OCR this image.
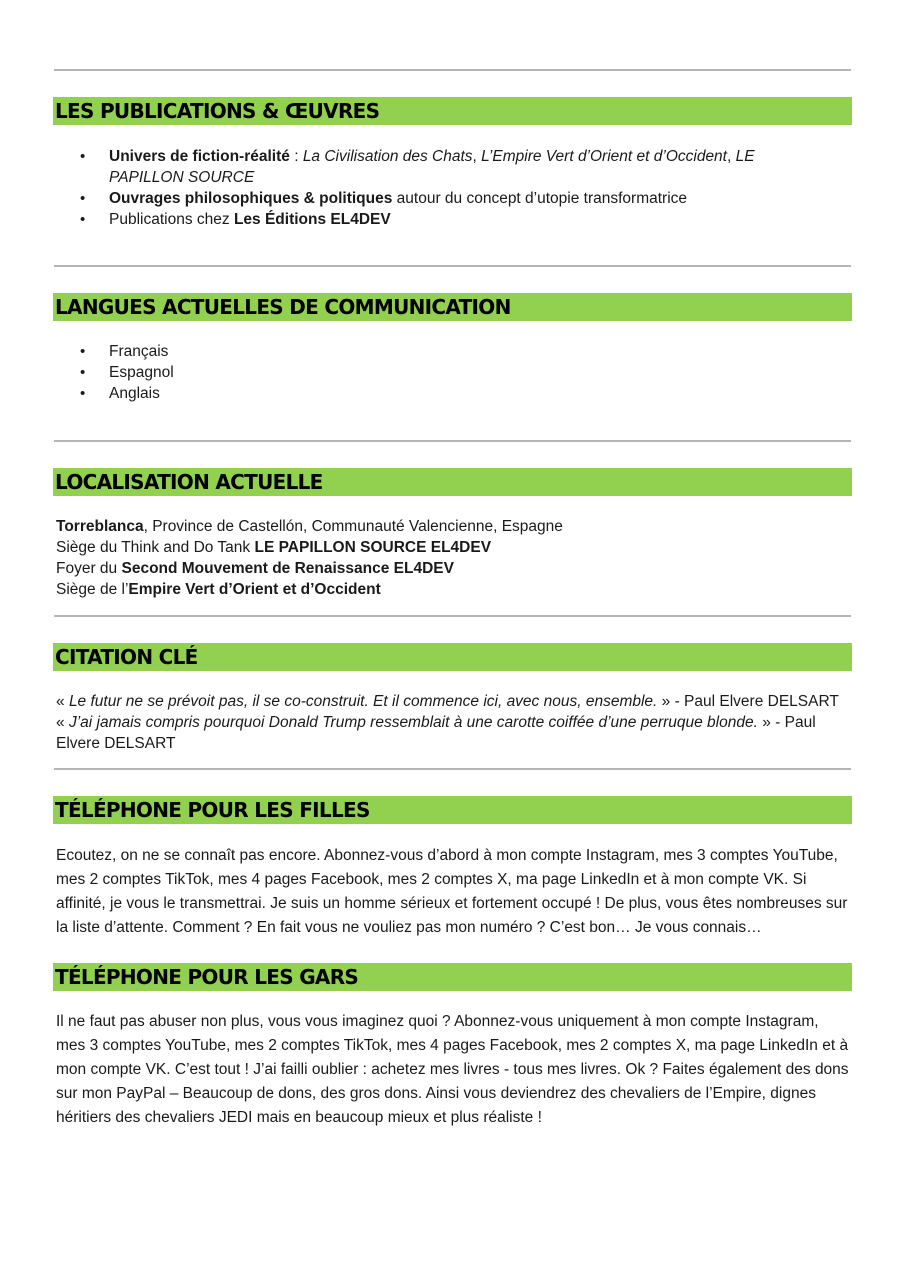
LES PUBLICATIONS & ŒUVRES
• Univers de fiction-réalité : La Civilisation des Chats, L’Empire Vert d’Orient et d’Occident, LE PAPILLON SOURCE
• Ouvrages philosophiques & politiques autour du concept d’utopie transformatrice
• Publications chez Les Éditions EL4DEV
LANGUES ACTUELLES DE COMMUNICATION
• Français
• Espagnol
• Anglais
LOCALISATION ACTUELLE
Torreblanca, Province de Castellón, Communauté Valencienne, Espagne
Siège du Think and Do Tank LE PAPILLON SOURCE EL4DEV
Foyer du Second Mouvement de Renaissance EL4DEV
Siège de l’Empire Vert d’Orient et d’Occident
CITATION CLÉ
« Le futur ne se prévoit pas, il se co-construit. Et il commence ici, avec nous, ensemble. » - Paul Elvere DELSART
« J’ai jamais compris pourquoi Donald Trump ressemblait à une carotte coiffée d’une perruque blonde. » - Paul Elvere DELSART
TÉLÉPHONE POUR LES FILLES

Ecoutez, on ne se connaît pas encore. Abonnez-vous d’abord à mon compte Instagram, mes 3 comptes YouTube, mes 2 comptes TikTok, mes 4 pages Facebook, mes 2 comptes X, ma page LinkedIn et à mon compte VK. Si affinité, je vous le transmettrai. Je suis un homme sérieux et fortement occupé ! De plus, vous êtes nombreuses sur la liste d’attente. Comment ? En fait vous ne vouliez pas mon numéro ? C’est bon… Je vous connais…

TÉLÉPHONE POUR LES GARS

Il ne faut pas abuser non plus, vous vous imaginez quoi ? Abonnez-vous uniquement à mon compte Instagram, mes 3 comptes YouTube, mes 2 comptes TikTok, mes 4 pages Facebook, mes 2 comptes X, ma page LinkedIn et à mon compte VK. C’est tout ! J’ai failli oublier : achetez mes livres - tous mes livres. Ok ? Faites également des dons sur mon PayPal – Beaucoup de dons, des gros dons. Ainsi vous deviendrez des chevaliers de l’Empire, dignes héritiers des chevaliers JEDI mais en beaucoup mieux et plus réaliste !
